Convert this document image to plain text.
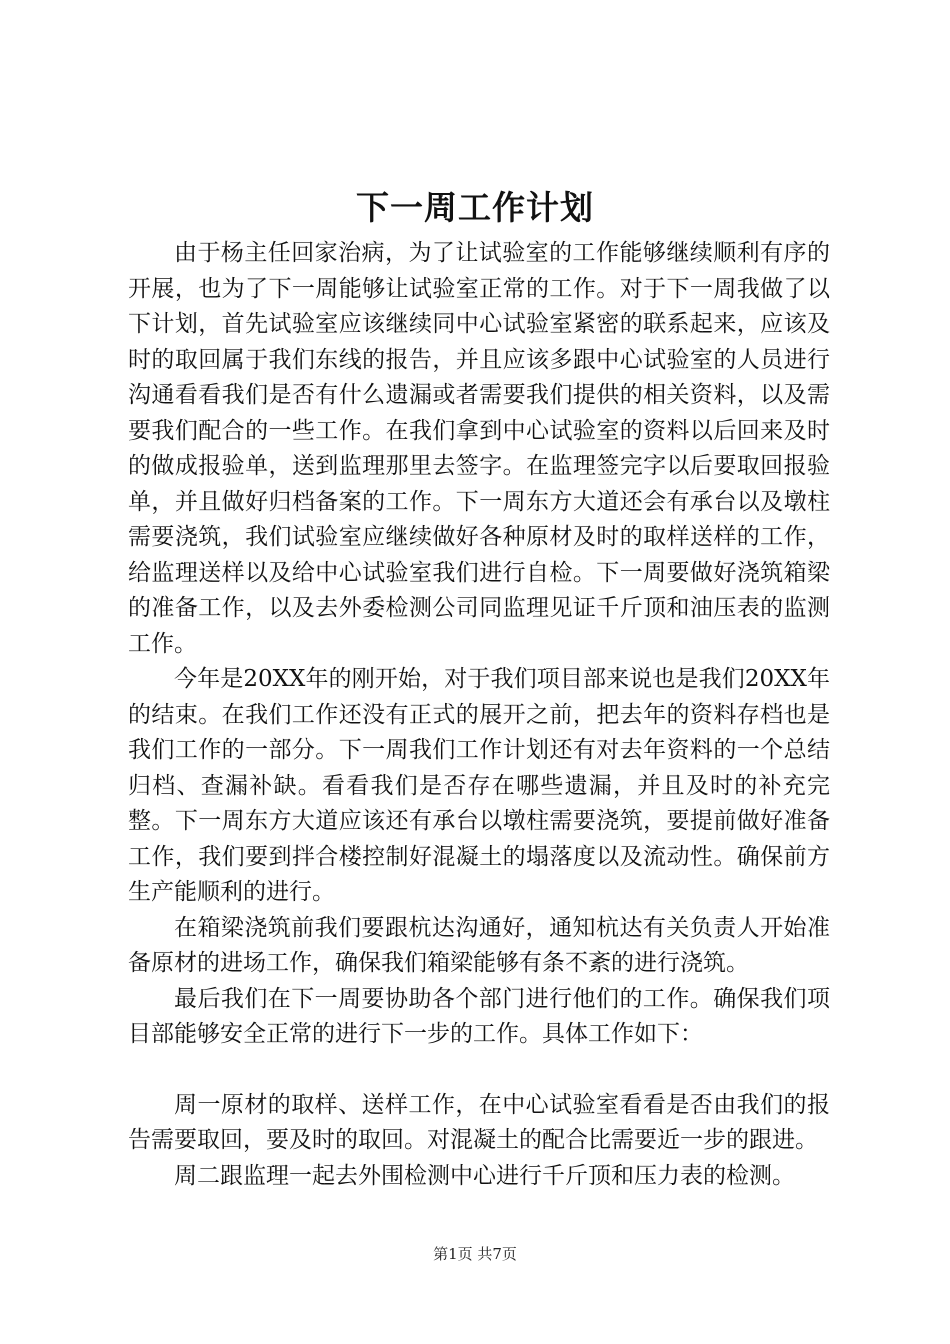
下一周工作计划

由于杨主任回家治病，为了让试验室的工作能够继续顺利有序的开展，也为了下一周能够让试验室正常的工作。对于下一周我做了以下计划，首先试验室应该继续同中心试验室紧密的联系起来，应该及时的取回属于我们东线的报告，并且应该多跟中心试验室的人员进行沟通看看我们是否有什么遗漏或者需要我们提供的相关资料，以及需要我们配合的一些工作。在我们拿到中心试验室的资料以后回来及时的做成报验单，送到监理那里去签字。在监理签完字以后要取回报验单，并且做好归档备案的工作。下一周东方大道还会有承台以及墩柱需要浇筑，我们试验室应继续做好各种原材及时的取样送样的工作，给监理送样以及给中心试验室我们进行自检。下一周要做好浇筑箱梁的准备工作，以及去外委检测公司同监理见证千斤顶和油压表的监测工作。

今年是20XX年的刚开始，对于我们项目部来说也是我们20XX年的结束。在我们工作还没有正式的展开之前，把去年的资料存档也是我们工作的一部分。下一周我们工作计划还有对去年资料的一个总结归档、查漏补缺。看看我们是否存在哪些遗漏，并且及时的补充完整。下一周东方大道应该还有承台以墩柱需要浇筑，要提前做好准备工作，我们要到拌合楼控制好混凝土的塌落度以及流动性。确保前方生产能顺利的进行。

在箱梁浇筑前我们要跟杭达沟通好，通知杭达有关负责人开始准备原材的进场工作，确保我们箱梁能够有条不紊的进行浇筑。

最后我们在下一周要协助各个部门进行他们的工作。确保我们项目部能够安全正常的进行下一步的工作。具体工作如下：

周一原材的取样、送样工作，在中心试验室看看是否由我们的报告需要取回，要及时的取回。对混凝土的配合比需要近一步的跟进。

周二跟监理一起去外围检测中心进行千斤顶和压力表的检测。

第1页 共7页
